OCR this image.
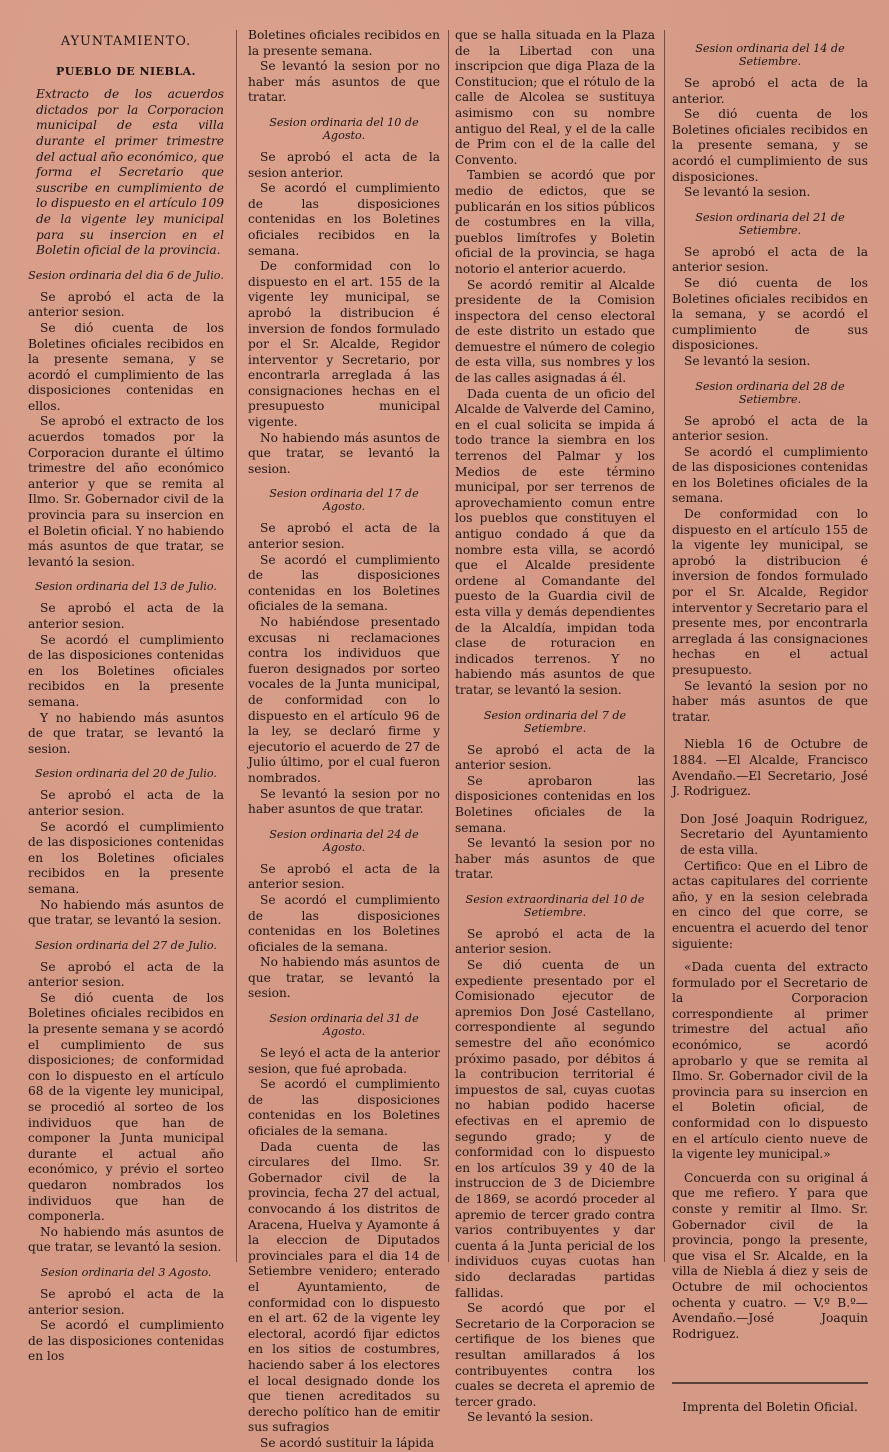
AYUNTAMIENTO.
PUEBLO DE NIEBLA.

Extracto de los acuerdos dictados por la Corporacion municipal de esta villa durante el primer trimestre del actual año económico, que forma el Secretario que suscribe en cumplimiento de lo dispuesto en el artículo 109 de la vigente ley municipal para su insercion en el Boletin oficial de la provincia.

Sesion ordinaria del dia 6 de Julio.

Se aprobó el acta de la anterior sesion.

Se dió cuenta de los Boletines oficiales recibidos en la presente semana, y se acordó el cumplimiento de las disposiciones contenidas en ellos.

Se aprobó el extracto de los acuerdos tomados por la Corporacion durante el último trimestre del año económico anterior y que se remita al Ilmo. Sr. Gobernador civil de la provincia para su insercion en el Boletin oficial. Y no habiendo más asuntos de que tratar, se levantó la sesion.

Sesion ordinaria del 13 de Julio.

Se aprobó el acta de la anterior sesion.

Se acordó el cumplimiento de las disposiciones contenidas en los Boletines oficiales recibidos en la presente semana.

Y no habiendo más asuntos de que tratar, se levantó la sesion.

Sesion ordinaria del 20 de Julio.

Se aprobó el acta de la anterior sesion.

Se acordó el cumplimiento de las disposiciones contenidas en los Boletines oficiales recibidos en la presente semana.

No habiendo más asuntos de que tratar, se levantó la sesion.

Sesion ordinaria del 27 de Julio.

Se aprobó el acta de la anterior sesion.

Se dió cuenta de los Boletines oficiales recibidos en la presente semana y se acordó el cumplimiento de sus disposiciones; de conformidad con lo dispuesto en el artículo 68 de la vigente ley municipal, se procedió al sorteo de los individuos que han de componer la Junta municipal durante el actual año económico, y prévio el sorteo quedaron nombrados los individuos que han de componerla.

No habiendo más asuntos de que tratar, se levantó la sesion.

Sesion ordinaria del 3 Agosto.

Se aprobó el acta de la anterior sesion.

Se acordó el cumplimiento de las disposiciones contenidas en los

Boletines oficiales recibidos en la presente semana.

Se levantó la sesion por no haber más asuntos de que tratar.

Sesion ordinaria del 10 de Agosto.

Se aprobó el acta de la sesion anterior.

Se acordó el cumplimiento de las disposiciones contenidas en los Boletines oficiales recibidos en la semana.

De conformidad con lo dispuesto en el art. 155 de la vigente ley municipal, se aprobó la distribucion é inversion de fondos formulado por el Sr. Alcalde, Regidor interventor y Secretario, por encontrarla arreglada á las consignaciones hechas en el presupuesto municipal vigente.

No habiendo más asuntos de que tratar, se levantó la sesion.

Sesion ordinaria del 17 de Agosto.

Se aprobó el acta de la anterior sesion.

Se acordó el cumplimiento de las disposiciones contenidas en los Boletines oficiales de la semana.

No habiéndose presentado excusas ni reclamaciones contra los individuos que fueron designados por sorteo vocales de la Junta municipal, de conformidad con lo dispuesto en el artículo 96 de la ley, se declaró firme y ejecutorio el acuerdo de 27 de Julio último, por el cual fueron nombrados.

Se levantó la sesion por no haber asuntos de que tratar.

Sesion ordinaria del 24 de Agosto.

Se aprobó el acta de la anterior sesion.

Se acordó el cumplimiento de las disposiciones contenidas en los Boletines oficiales de la semana.

No habiendo más asuntos de que tratar, se levantó la sesion.

Sesion ordinaria del 31 de Agosto.

Se leyó el acta de la anterior sesion, que fué aprobada.

Se acordó el cumplimiento de las disposiciones contenidas en los Boletines oficiales de la semana.

Dada cuenta de las circulares del Ilmo. Sr. Gobernador civil de la provincia, fecha 27 del actual, convocando á los distritos de Aracena, Huelva y Ayamonte á la eleccion de Diputados provinciales para el dia 14 de Setiembre venidero; enterado el Ayuntamiento, de conformidad con lo dispuesto en el art. 62 de la vigente ley electoral, acordó fijar edictos en los sitios de costumbres, haciendo saber á los electores el local designado donde los que tienen acreditados su derecho político han de emitir sus sufragios

Se acordó sustituir la lápida

que se halla situada en la Plaza de la Libertad con una inscripcion que diga Plaza de la Constitucion; que el rótulo de la calle de Alcolea se sustituya asimismo con su nombre antiguo del Real, y el de la calle de Prim con el de la calle del Convento.

Tambien se acordó que por medio de edictos, que se publicarán en los sitios públicos de costumbres en la villa, pueblos limítrofes y Boletin oficial de la provincia, se haga notorio el anterior acuerdo.

Se acordó remitir al Alcalde presidente de la Comision inspectora del censo electoral de este distrito un estado que demuestre el número de colegio de esta villa, sus nombres y los de las calles asignadas á él.

Dada cuenta de un oficio del Alcalde de Valverde del Camino, en el cual solicita se impida á todo trance la siembra en los terrenos del Palmar y los Medios de este término municipal, por ser terrenos de aprovechamiento comun entre los pueblos que constituyen el antiguo condado á que da nombre esta villa, se acordó que el Alcalde presidente ordene al Comandante del puesto de la Guardia civil de esta villa y demás dependientes de la Alcaldía, impidan toda clase de roturacion en indicados terrenos. Y no habiendo más asuntos de que tratar, se levantó la sesion.

Sesion ordinaria del 7 de Setiembre.

Se aprobó el acta de la anterior sesion.

Se aprobaron las disposiciones contenidas en los Boletines oficiales de la semana.

Se levantó la sesion por no haber más asuntos de que tratar.

Sesion extraordinaria del 10 de Setiembre.

Se aprobó el acta de la anterior sesion.

Se dió cuenta de un expediente presentado por el Comisionado ejecutor de apremios Don José Castellano, correspondiente al segundo semestre del año económico próximo pasado, por débitos á la contribucion territorial é impuestos de sal, cuyas cuotas no habian podido hacerse efectivas en el apremio de segundo grado; y de conformidad con lo dispuesto en los artículos 39 y 40 de la instruccion de 3 de Diciembre de 1869, se acordó proceder al apremio de tercer grado contra varios contribuyentes y dar cuenta á la Junta pericial de los individuos cuyas cuotas han sido declaradas partidas fallidas.

Se acordó que por el Secretario de la Corporacion se certifique de los bienes que resultan amillarados á los contribuyentes contra los cuales se decreta el apremio de tercer grado.

Se levantó la sesion.

Sesion ordinaria del 14 de Setiembre.

Se aprobó el acta de la anterior.

Se dió cuenta de los Boletines oficiales recibidos en la presente semana, y se acordó el cumplimiento de sus disposiciones.

Se levantó la sesion.

Sesion ordinaria del 21 de Setiembre.

Se aprobó el acta de la anterior sesion.

Se dió cuenta de los Boletines oficiales recibidos en la semana, y se acordó el cumplimiento de sus disposiciones.

Se levantó la sesion.

Sesion ordinaria del 28 de Setiembre.

Se aprobó el acta de la anterior sesion.

Se acordó el cumplimiento de las disposiciones contenidas en los Boletines oficiales de la semana.

De conformidad con lo dispuesto en el artículo 155 de la vigente ley municipal, se aprobó la distribucion é inversion de fondos formulado por el Sr. Alcalde, Regidor interventor y Secretario para el presente mes, por encontrarla arreglada á las consignaciones hechas en el actual presupuesto.

Se levantó la sesion por no haber más asuntos de que tratar.

Niebla 16 de Octubre de 1884. —El Alcalde, Francisco Avendaño.—El Secretario, José J. Rodriguez.

Don José Joaquin Rodriguez, Secretario del Ayuntamiento de esta villa.

Certifico: Que en el Libro de actas capitulares del corriente año, y en la sesion celebrada en cinco del que corre, se encuentra el acuerdo del tenor siguiente:

«Dada cuenta del extracto formulado por el Secretario de la Corporacion correspondiente al primer trimestre del actual año económico, se acordó aprobarlo y que se remita al Ilmo. Sr. Gobernador civil de la provincia para su insercion en el Boletin oficial, de conformidad con lo dispuesto en el artículo ciento nueve de la vigente ley municipal.»

Concuerda con su original á que me refiero. Y para que conste y remitir al Ilmo. Sr. Gobernador civil de la provincia, pongo la presente, que visa el Sr. Alcalde, en la villa de Niebla á diez y seis de Octubre de mil ochocientos ochenta y cuatro. — V.º B.º—Avendaño.—José Joaquin Rodriguez.

Imprenta del Boletin Oficial.
